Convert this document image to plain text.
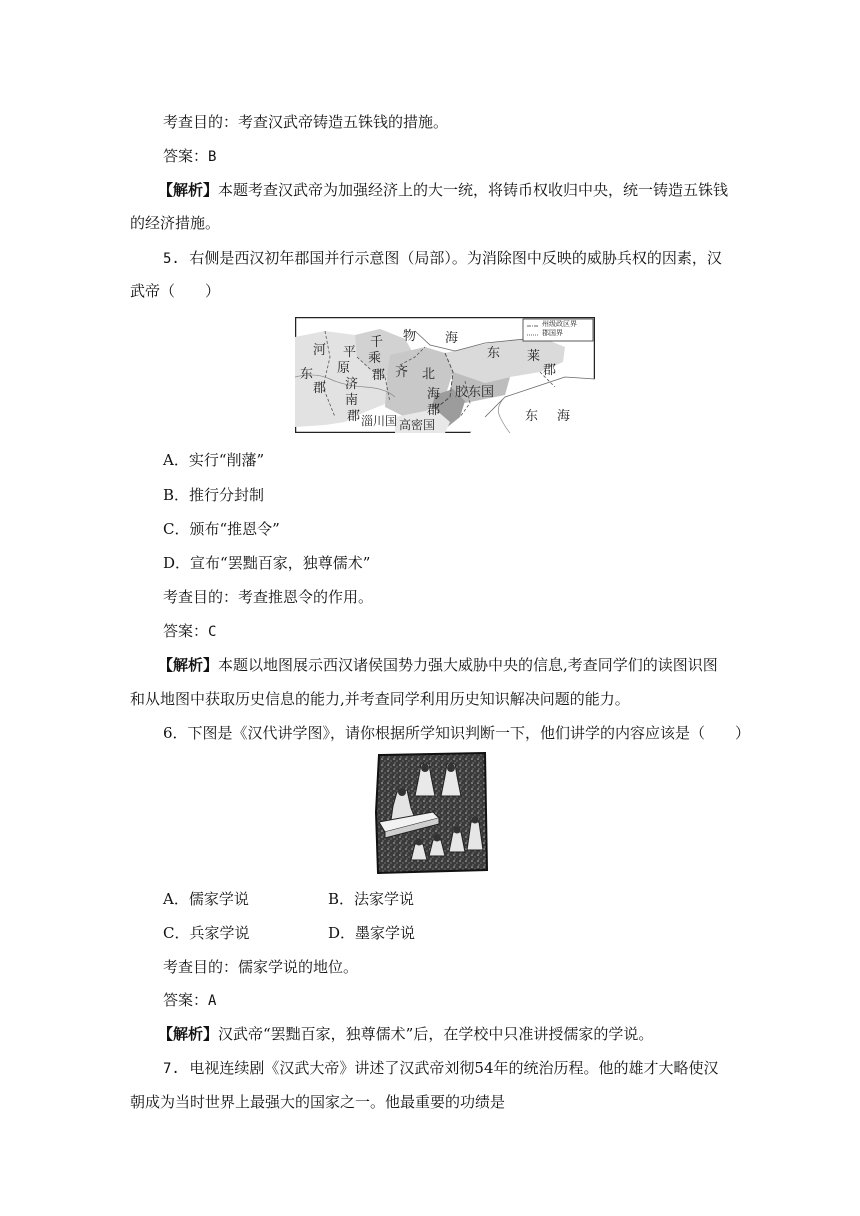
考查目的：考查汉武帝铸造五铢钱的措施。
答案：B
【解析】本题考查汉武帝为加强经济上的大一统，将铸币权收归中央，统一铸造五铢钱
的经济措施。
5. 右侧是西汉初年郡国并行示意图（局部）。为消除图中反映的威胁兵权的因素，汉
武帝（　　）
州级政区界
郡国界
河 平
千
乘
物 海
东 莱
东
郡
原
济
南
郡
郡 齐 北
海
郡
胶东国
郡
东 海
淄川国 高密国
A．实行“削藩”
B．推行分封制
C．颁布“推恩令”
D．宣布“罢黜百家，独尊儒术”
考查目的：考查推恩令的作用。
答案：C
【解析】本题以地图展示西汉诸侯国势力强大威胁中央的信息,考查同学们的读图识图
和从地图中获取历史信息的能力,并考查同学利用历史知识解决问题的能力。
6．下图是《汉代讲学图》，请你根据所学知识判断一下，他们讲学的内容应该是（　　）
A．儒家学说	B．法家学说
C．兵家学说	D．墨家学说
考查目的：儒家学说的地位。
答案：A
【解析】汉武帝“罢黜百家，独尊儒术”后，在学校中只准讲授儒家的学说。
7. 电视连续剧《汉武大帝》讲述了汉武帝刘彻54年的统治历程。他的雄才大略使汉
朝成为当时世界上最强大的国家之一。他最重要的功绩是
